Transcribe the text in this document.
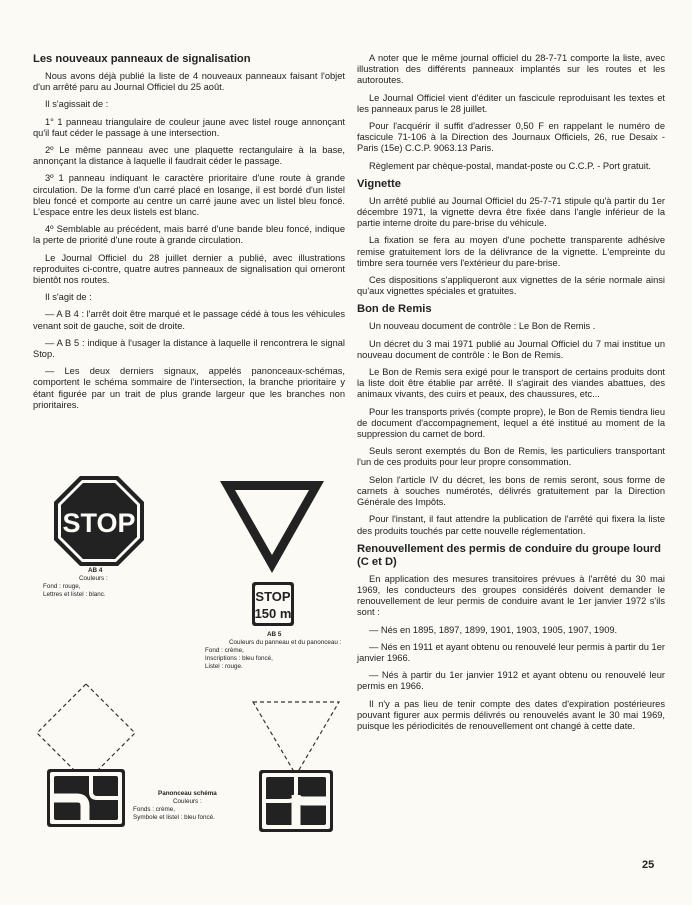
Les nouveaux panneaux de signalisation

Nous avons déjà publié la liste de 4 nouveaux panneaux faisant l'objet d'un arrêté paru au Journal Officiel du 25 août.

Il s'agissait de :

1° 1 panneau triangulaire de couleur jaune avec listel rouge annonçant qu'il faut céder le passage à une intersection.

2º Le même panneau avec une plaquette rectangulaire à la base, annonçant la distance à laquelle il faudrait céder le passage.

3º 1 panneau indiquant le caractère prioritaire d'une route à grande circulation. De la forme d'un carré placé en losange, il est bordé d'un listel bleu foncé et comporte au centre un carré jaune avec un listel bleu foncé. L'espace entre les deux listels est blanc.

4º Semblable au précédent, mais barré d'une bande bleu foncé, indique la perte de priorité d'une route à grande circulation.

Le Journal Officiel du 28 juillet dernier a publié, avec illustrations reproduites ci-contre, quatre autres panneaux de signalisation qui orneront bientôt nos routes.

Il s'agit de :

— A B 4 : l'arrêt doit être marqué et le passage cédé à tous les véhicules venant soit de gauche, soit de droite.

— A B 5 : indique à l'usager la distance à laquelle il rencontrera le signal Stop.

— Les deux derniers signaux, appelés panonceaux-schémas, comportent le schéma sommaire de l'intersection, la branche prioritaire y étant figurée par un trait de plus grande largeur que les branches non prioritaires.

STOP
AB 4
Couleurs :
Fond : rouge,
Lettres et listel : blanc.	STOP
150 m
AB 5
Couleurs du panneau et du panonceau :
Fond : crème,
Inscriptions : bleu foncé,
Listel : rouge.
Panonceau schéma
Couleurs :
Fonds : crème,
Symbole et listel : bleu foncé.

A noter que le même journal officiel du 28-7-71 comporte la liste, avec illustration des différents panneaux implantés sur les routes et les autoroutes.

Le Journal Officiel vient d'éditer un fascicule reproduisant les textes et les panneaux parus le 28 juillet.

Pour l'acquérir il suffit d'adresser 0,50 F en rappelant le numéro de fascicule 71-106 à la Direction des Journaux Officiels, 26, rue Desaix - Paris (15e) C.C.P. 9063.13 Paris.

Règlement par chèque-postal, mandat-poste ou C.C.P. - Port gratuit.

Vignette

Un arrêté publié au Journal Officiel du 25-7-71 stipule qu'à partir du 1er décembre 1971, la vignette devra être fixée dans l'angle inférieur de la partie interne droite du pare-brise du véhicule.

La fixation se fera au moyen d'une pochette transparente adhésive remise gratuitement lors de la délivrance de la vignette. L'empreinte du timbre sera tournée vers l'extérieur du pare-brise.

Ces dispositions s'appliqueront aux vignettes de la série normale ainsi qu'aux vignettes spéciales et gratuites.

Bon de Remis

Un nouveau document de contrôle : Le Bon de Remis .

Un décret du 3 mai 1971 publié au Journal Officiel du 7 mai institue un nouveau document de contrôle : le Bon de Remis.

Le Bon de Remis sera exigé pour le transport de certains produits dont la liste doit être établie par arrêté. Il s'agirait des viandes abattues, des animaux vivants, des cuirs et peaux, des chaussures, etc...

Pour les transports privés (compte propre), le Bon de Remis tiendra lieu de document d'accompagnement, lequel a été institué au moment de la suppression du carnet de bord.

Seuls seront exemptés du Bon de Remis, les particuliers transportant l'un de ces produits pour leur propre consommation.

Selon l'article IV du décret, les bons de remis seront, sous forme de carnets à souches numérotés, délivrés gratuitement par la Direction Générale des Impôts.

Pour l'instant, il faut attendre la publication de l'arrêté qui fixera la liste des produits touchés par cette nouvelle réglementation.

Renouvellement des permis de conduire du groupe lourd (C et D)

En application des mesures transitoires prévues à l'arrêté du 30 mai 1969, les conducteurs des groupes considérés doivent demander le renouvellement de leur permis de conduire avant le 1er janvier 1972 s'ils sont :

— Nés en 1895, 1897, 1899, 1901, 1903, 1905, 1907, 1909.

— Nés en 1911 et ayant obtenu ou renouvelé leur permis à partir du 1er janvier 1966.

— Nés à partir du 1er janvier 1912 et ayant obtenu ou renouvelé leur permis en 1966.

Il n'y a pas lieu de tenir compte des dates d'expiration postérieures pouvant figurer aux permis délivrés ou renouvelés avant le 30 mai 1969, puisque les périodicités de renouvellement ont changé à cette date.

25
